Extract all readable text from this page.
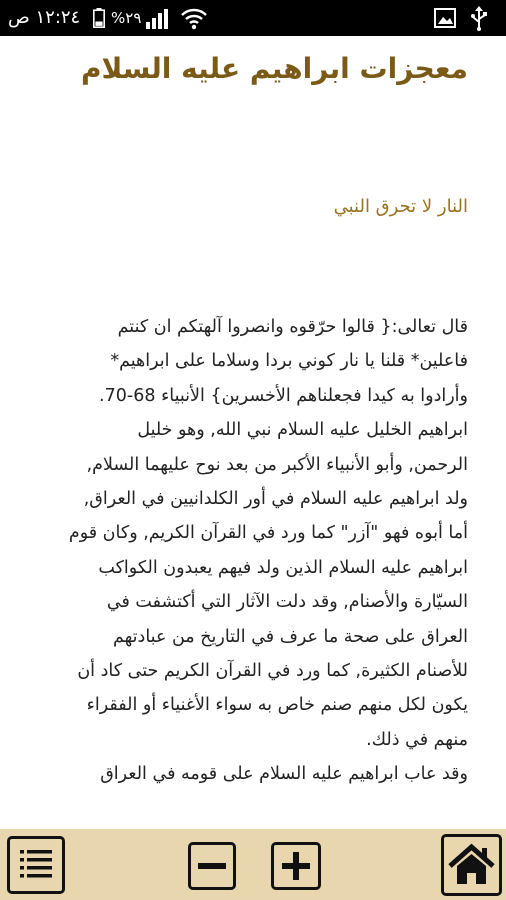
١٢:٢٤ ص %٢٩
معجزات ابراهيم عليه السلام
النار لا تحرق النبي
قال تعالى:{ قالوا حرّقوه وانصروا آلهتكم ان كنتم
فاعلين* قلنا يا نار كوني بردا وسلاما على ابراهيم*
وأرادوا به كيدا فجعلناهم الأخسرين} الأنبياء 68-70.
ابراهيم الخليل عليه السلام نبي الله, وهو خليل
الرحمن, وأبو الأنبياء الأكبر من بعد نوح عليهما السلام,
ولد ابراهيم عليه السلام في أور الكلدانيين في العراق,
أما أبوه فهو "آزر" كما ورد في القرآن الكريم, وكان قوم
ابراهيم عليه السلام الذين ولد فيهم يعبدون الكواكب
السيّارة والأصنام, وقد دلت الآثار التي أكتشفت في
العراق على صحة ما عرف في التاريخ من عبادتهم
للأصنام الكثيرة, كما ورد في القرآن الكريم حتى كاد أن
يكون لكل منهم صنم خاص به سواء الأغنياء أو الفقراء
منهم في ذلك.
وقد عاب ابراهيم عليه السلام على قومه في العراق
